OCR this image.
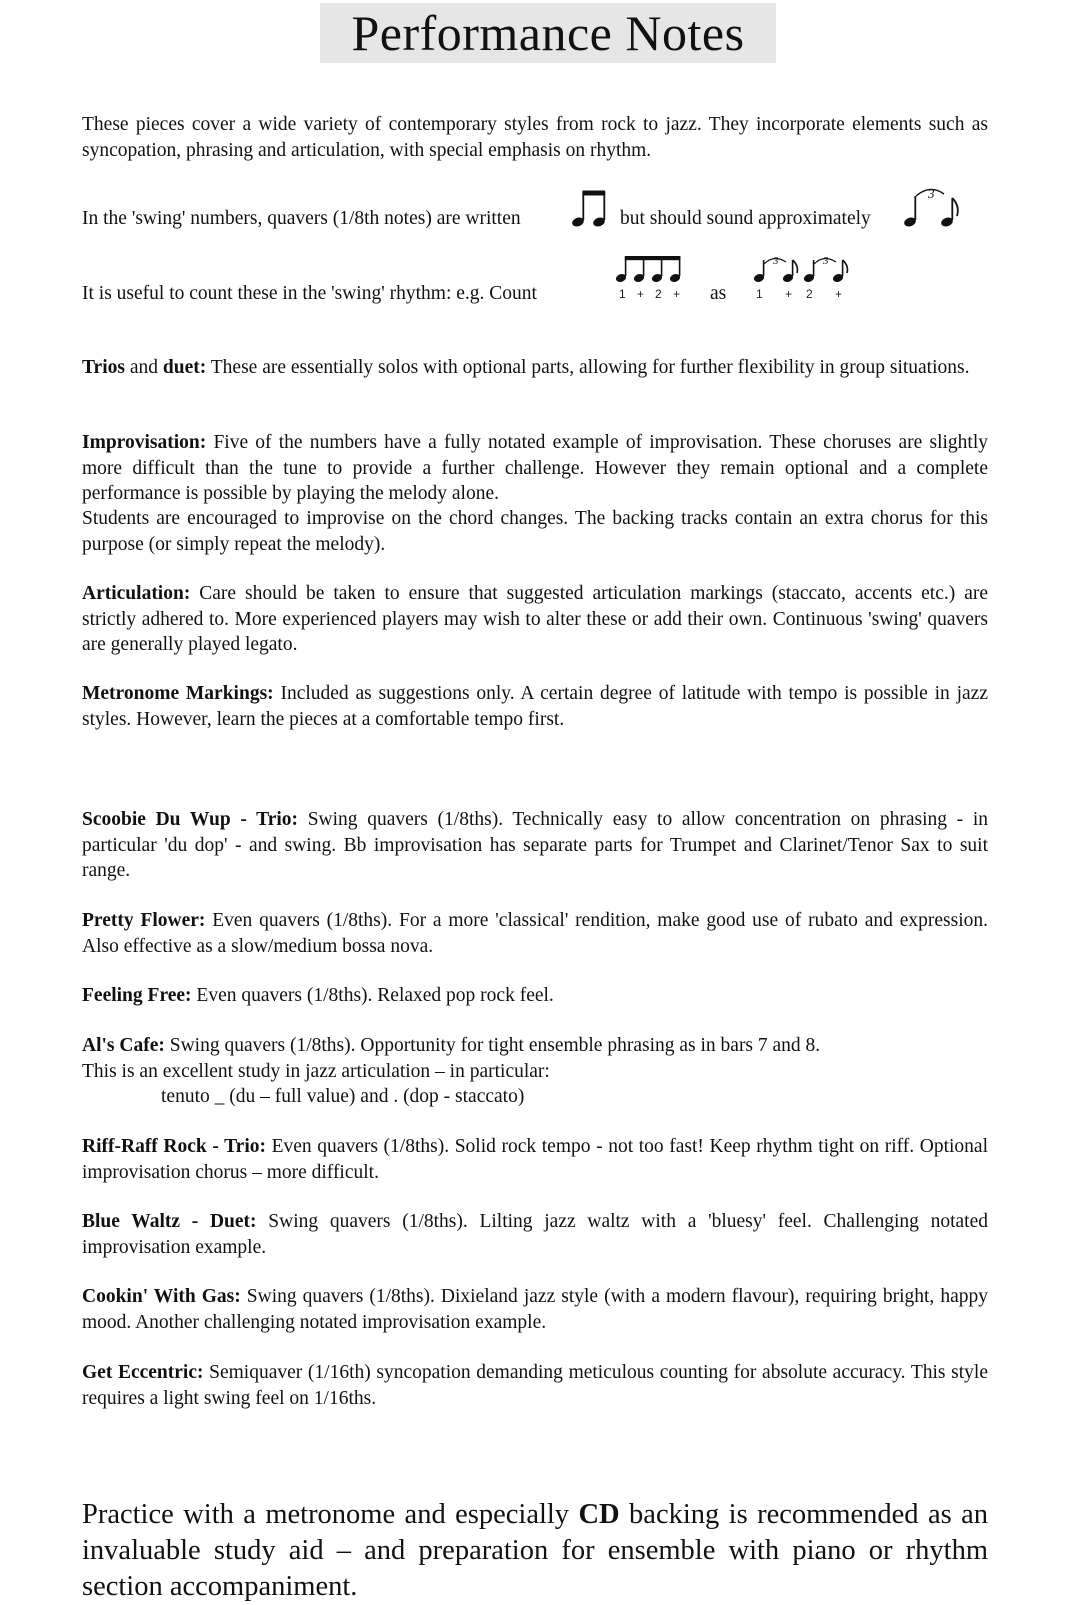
Performance Notes

These pieces cover a wide variety of contemporary styles from rock to jazz. They incorporate elements such as syncopation, phrasing and articulation, with special emphasis on rhythm.

In the 'swing' numbers, quavers (1/8th notes) are written	but should sound approximately
3
It is useful to count these in the 'swing' rhythm: e.g. Count	1 + 2 + as
3	3
1 + 2 +

Trios and duet: These are essentially solos with optional parts, allowing for further flexibility in group situations.

Improvisation: Five of the numbers have a fully notated example of improvisation. These choruses are slightly more difficult than the tune to provide a further challenge. However they remain optional and a complete performance is possible by playing the melody alone.

Students are encouraged to improvise on the chord changes. The backing tracks contain an extra chorus for this purpose (or simply repeat the melody).

Articulation: Care should be taken to ensure that suggested articulation markings (staccato, accents etc.) are strictly adhered to. More experienced players may wish to alter these or add their own. Continuous 'swing' quavers are generally played legato.

Metronome Markings: Included as suggestions only. A certain degree of latitude with tempo is possible in jazz styles. However, learn the pieces at a comfortable tempo first.

Scoobie Du Wup - Trio: Swing quavers (1/8ths). Technically easy to allow concentration on phrasing - in particular 'du dop' - and swing. Bb improvisation has separate parts for Trumpet and Clarinet/Tenor Sax to suit range.

Pretty Flower: Even quavers (1/8ths). For a more 'classical' rendition, make good use of rubato and expression. Also effective as a slow/medium bossa nova.

Feeling Free: Even quavers (1/8ths). Relaxed pop rock feel.

Al's Cafe: Swing quavers (1/8ths). Opportunity for tight ensemble phrasing as in bars 7 and 8.
This is an excellent study in jazz articulation – in particular:

tenuto _ (du – full value) and . (dop - staccato)

Riff-Raff Rock - Trio: Even quavers (1/8ths). Solid rock tempo - not too fast! Keep rhythm tight on riff. Optional improvisation chorus – more difficult.

Blue Waltz - Duet: Swing quavers (1/8ths). Lilting jazz waltz with a 'bluesy' feel. Challenging notated improvisation example.

Cookin' With Gas: Swing quavers (1/8ths). Dixieland jazz style (with a modern flavour), requiring bright, happy mood. Another challenging notated improvisation example.

Get Eccentric: Semiquaver (1/16th) syncopation demanding meticulous counting for absolute accuracy. This style requires a light swing feel on 1/16ths.

Practice with a metronome and especially CD backing is recommended as an invaluable study aid – and preparation for ensemble with piano or rhythm section accompaniment.
